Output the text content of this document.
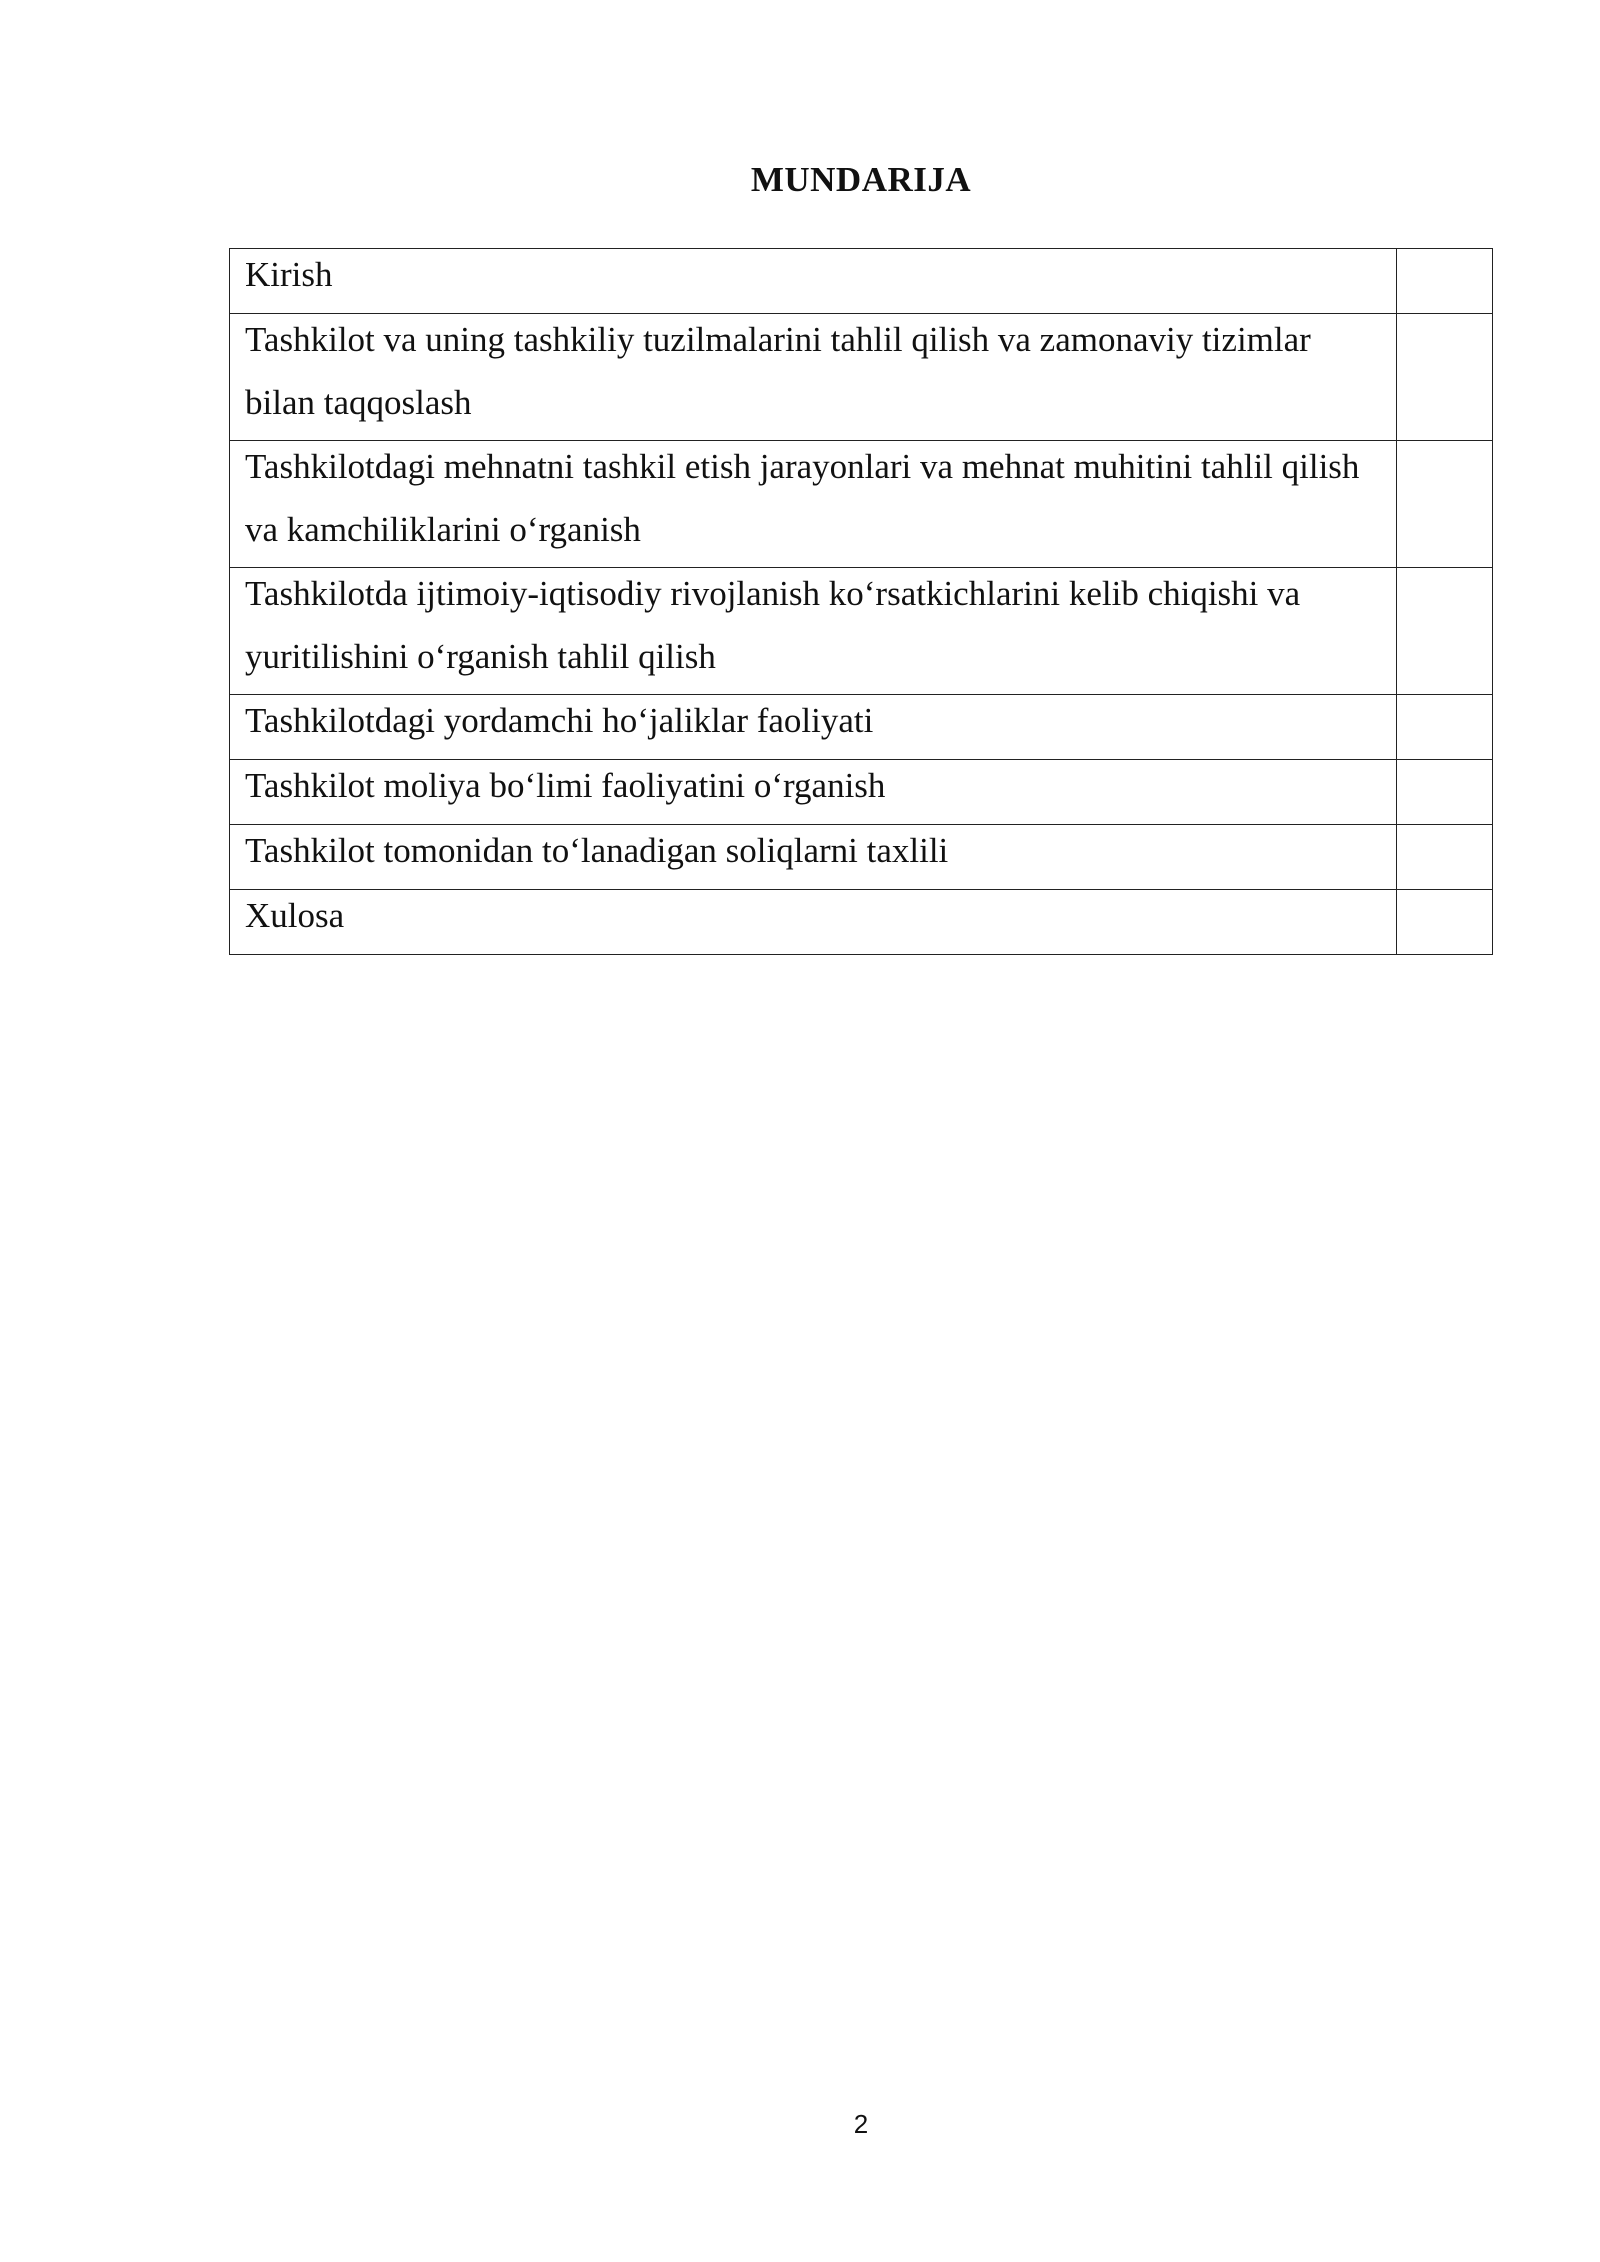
MUNDARIJA
Kirish	

Tashkilot va uning tashkiliy tuzilmalarini tahlil qilish va zamonaviy tizimlar bilan taqqoslash	

Tashkilotdagi mehnatni tashkil etish jarayonlari va mehnat muhitini tahlil qilish va kamchiliklarini o‘rganish	

Tashkilotda ijtimoiy-iqtisodiy rivojlanish ko‘rsatkichlarini kelib chiqishi va yuritilishini o‘rganish tahlil qilish	

Tashkilotdagi yordamchi ho‘jaliklar faoliyati	

Tashkilot moliya bo‘limi faoliyatini o‘rganish	

Tashkilot tomonidan to‘lanadigan soliqlarni taxlili	

Xulosa	

2
